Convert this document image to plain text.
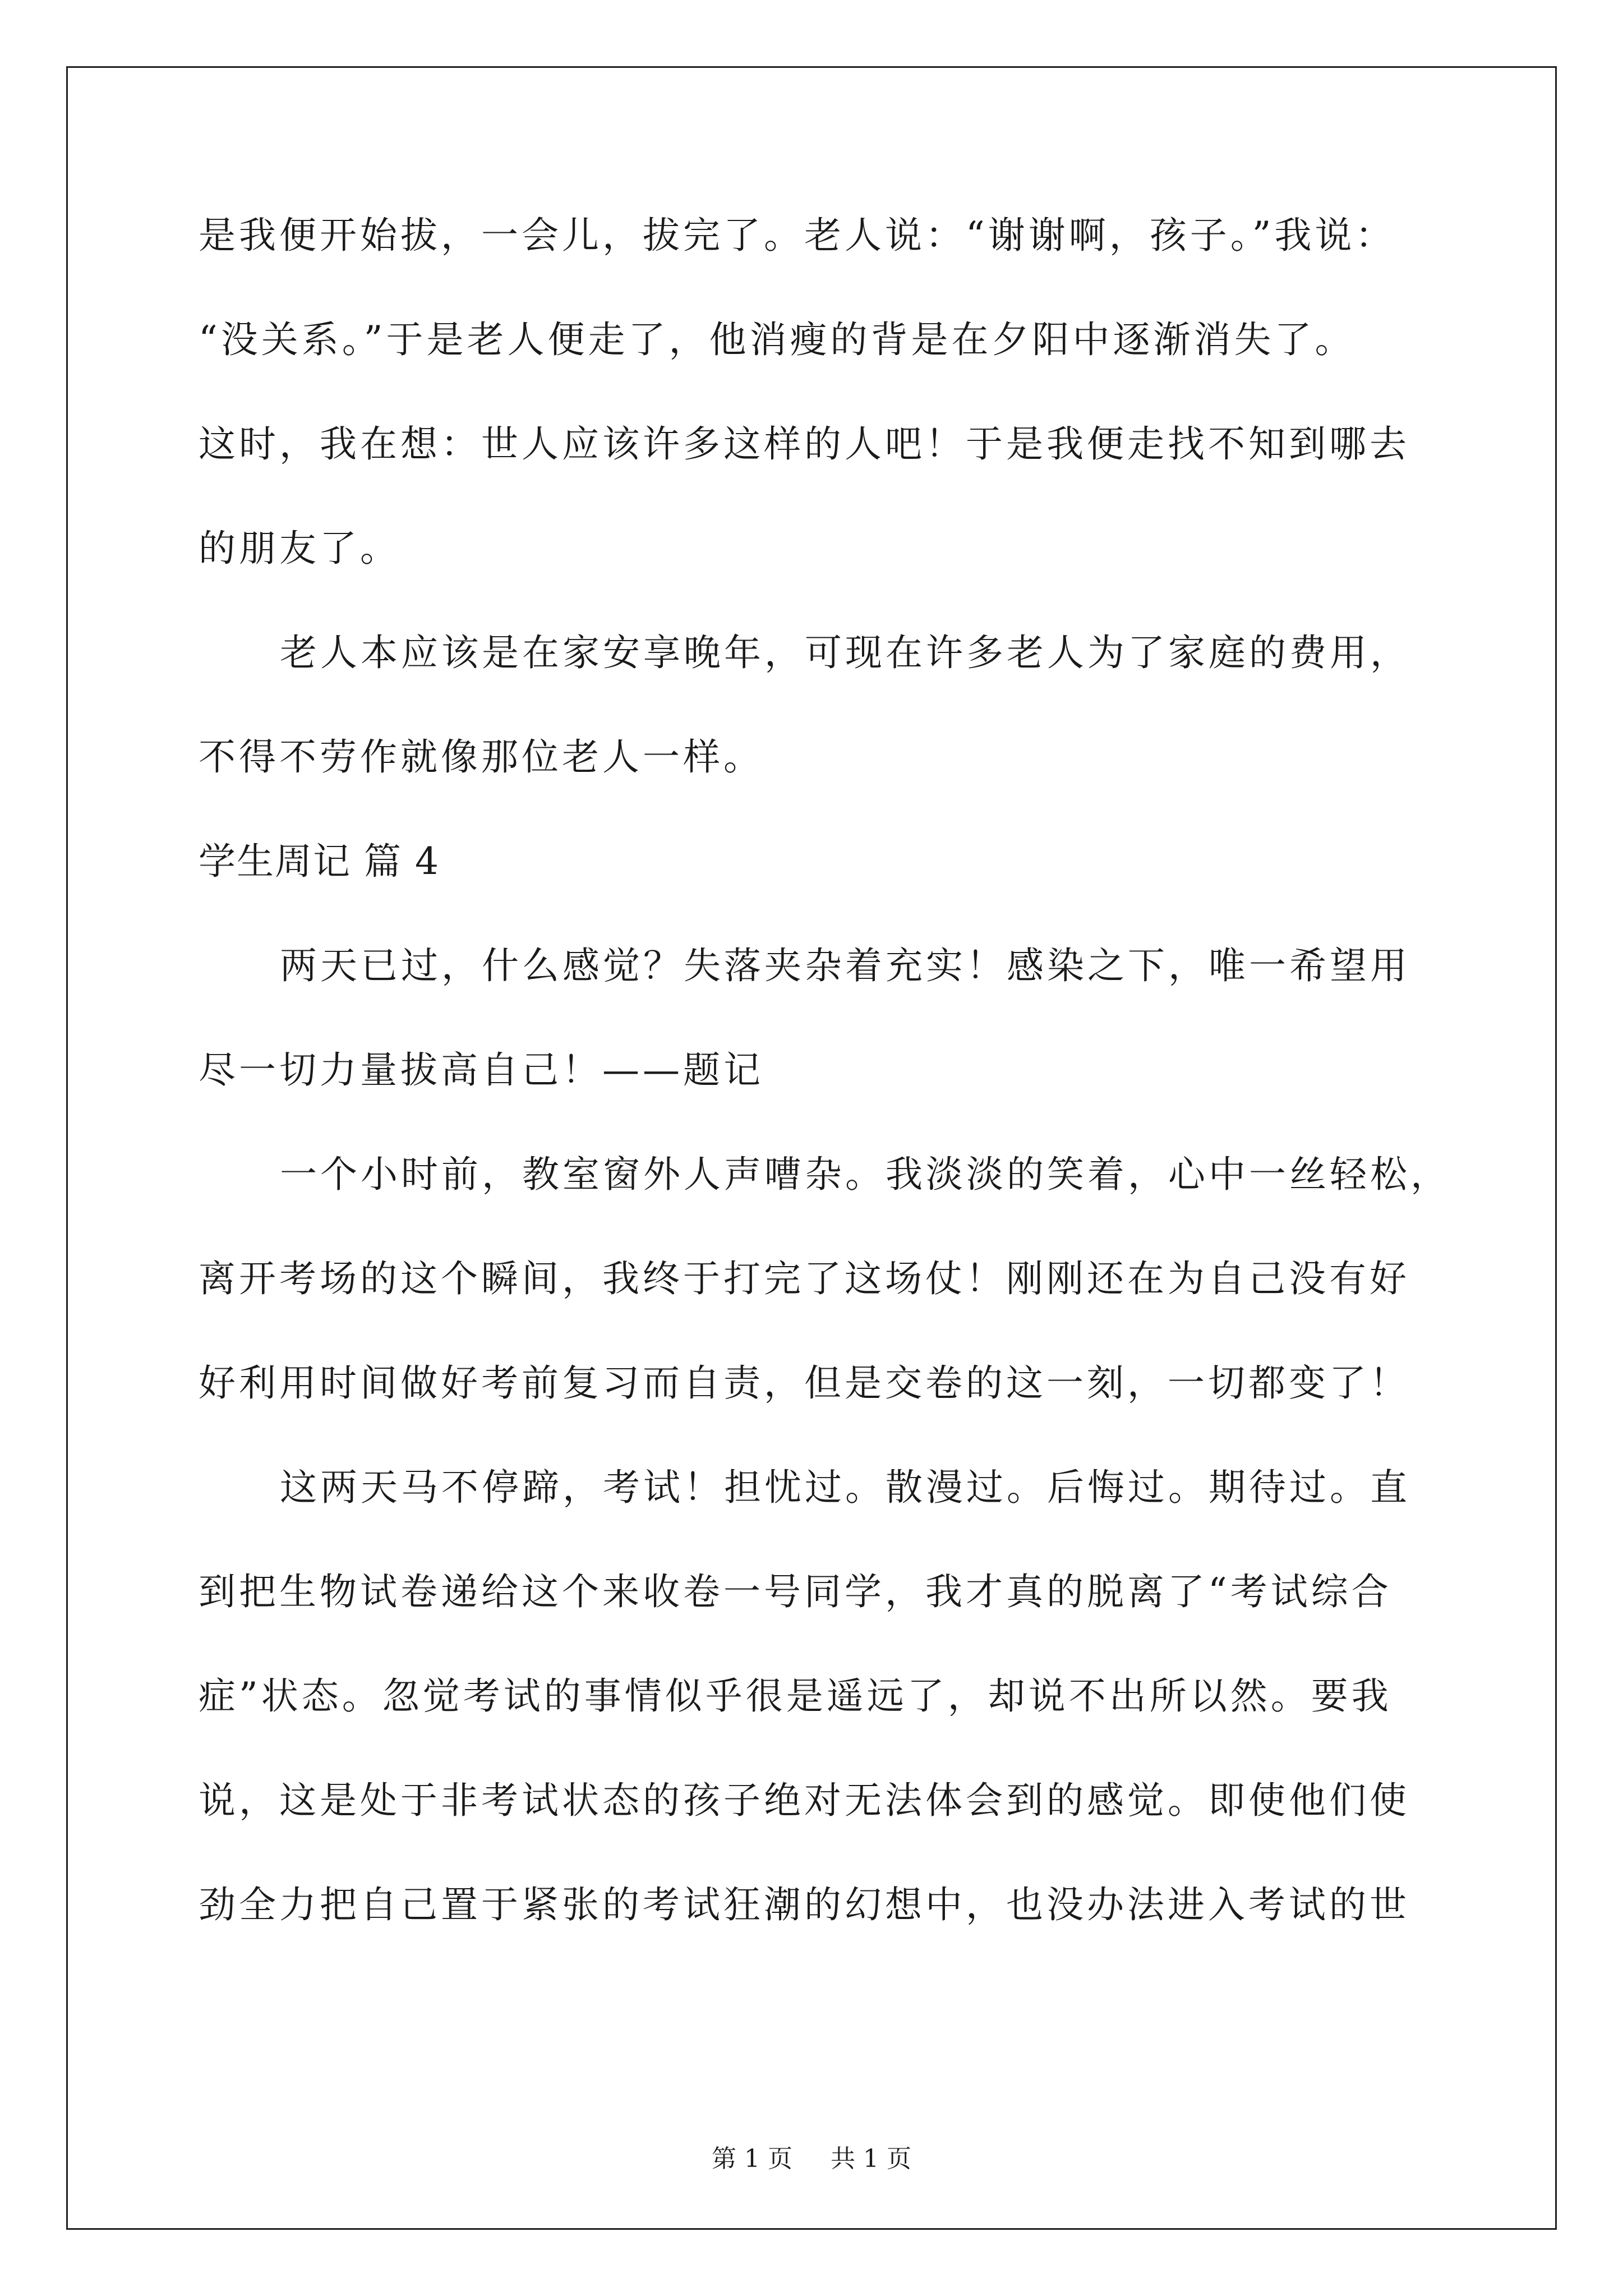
是我便开始拔，一会儿，拔完了。老人说：“谢谢啊，孩子。”我说：
“没关系。”于是老人便走了，他消瘦的背是在夕阳中逐渐消失了。
这时，我在想：世人应该许多这样的人吧！于是我便走找不知到哪去
的朋友了。
老人本应该是在家安享晚年，可现在许多老人为了家庭的费用，
不得不劳作就像那位老人一样。
学生周记 篇 4
两天已过，什么感觉？失落夹杂着充实！感染之下，唯一希望用
尽一切力量拔高自己！——题记
一个小时前，教室窗外人声嘈杂。我淡淡的笑着，心中一丝轻松，
离开考场的这个瞬间，我终于打完了这场仗！刚刚还在为自己没有好
好利用时间做好考前复习而自责，但是交卷的这一刻，一切都变了！
这两天马不停蹄，考试！担忧过。散漫过。后悔过。期待过。直
到把生物试卷递给这个来收卷一号同学，我才真的脱离了“考试综合
症”状态。忽觉考试的事情似乎很是遥远了，却说不出所以然。要我
说，这是处于非考试状态的孩子绝对无法体会到的感觉。即使他们使
劲全力把自己置于紧张的考试狂潮的幻想中，也没办法进入考试的世
第 1 页 共 1 页
